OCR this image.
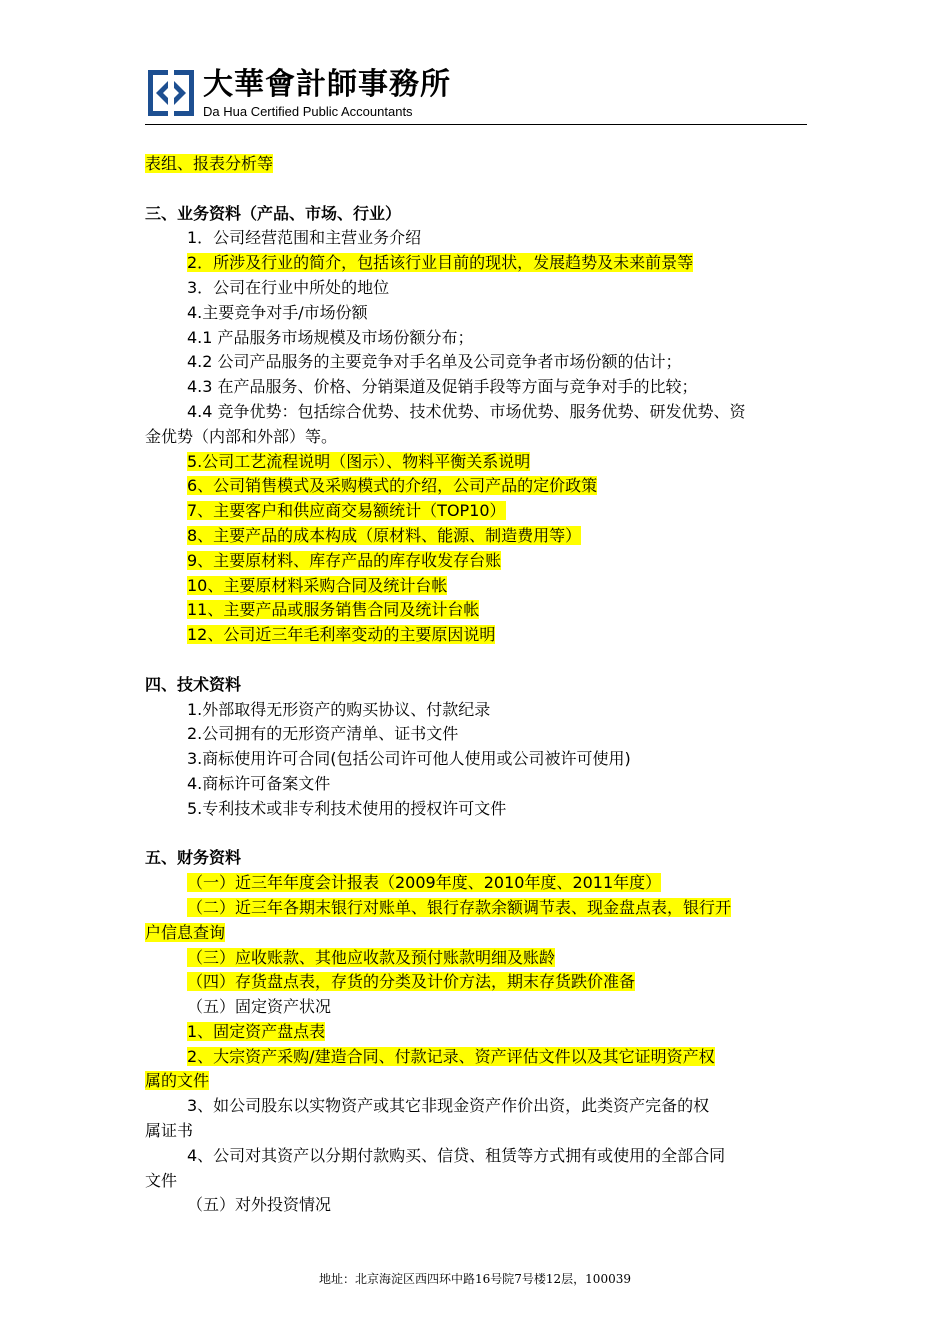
大華會計師事務所
Da Hua Certified Public Accountants
表组、报表分析等
三、业务资料（产品、市场、行业）
1．公司经营范围和主营业务介绍
2．所涉及行业的简介，包括该行业目前的现状，发展趋势及未来前景等
3．公司在行业中所处的地位
4.主要竞争对手/市场份额
4.1 产品服务市场规模及市场份额分布；
4.2 公司产品服务的主要竞争对手名单及公司竞争者市场份额的估计；
4.3 在产品服务、价格、分销渠道及促销手段等方面与竞争对手的比较；
4.4 竞争优势：包括综合优势、技术优势、市场优势、服务优势、研发优势、资
金优势（内部和外部）等。
5.公司工艺流程说明（图示）、物料平衡关系说明
6、公司销售模式及采购模式的介绍，公司产品的定价政策
7、主要客户和供应商交易额统计（TOP10）
8、主要产品的成本构成（原材料、能源、制造费用等）
9、主要原材料、库存产品的库存收发存台账
10、主要原材料采购合同及统计台帐
11、主要产品或服务销售合同及统计台帐
12、公司近三年毛利率变动的主要原因说明
四、技术资料
1.外部取得无形资产的购买协议、付款纪录
2.公司拥有的无形资产清单、证书文件
3.商标使用许可合同(包括公司许可他人使用或公司被许可使用)
4.商标许可备案文件
5.专利技术或非专利技术使用的授权许可文件
五、财务资料
（一）近三年年度会计报表（2009年度、2010年度、2011年度）
（二）近三年各期末银行对账单、银行存款余额调节表、现金盘点表，银行开
户信息查询
（三）应收账款、其他应收款及预付账款明细及账龄
（四）存货盘点表，存货的分类及计价方法，期末存货跌价准备
（五）固定资产状况
1、固定资产盘点表
2、大宗资产采购/建造合同、付款记录、资产评估文件以及其它证明资产权
属的文件
3、如公司股东以实物资产或其它非现金资产作价出资，此类资产完备的权
属证书
4、公司对其资产以分期付款购买、信贷、租赁等方式拥有或使用的全部合同
文件
（五）对外投资情况
地址：北京海淀区西四环中路16号院7号楼12层，100039
